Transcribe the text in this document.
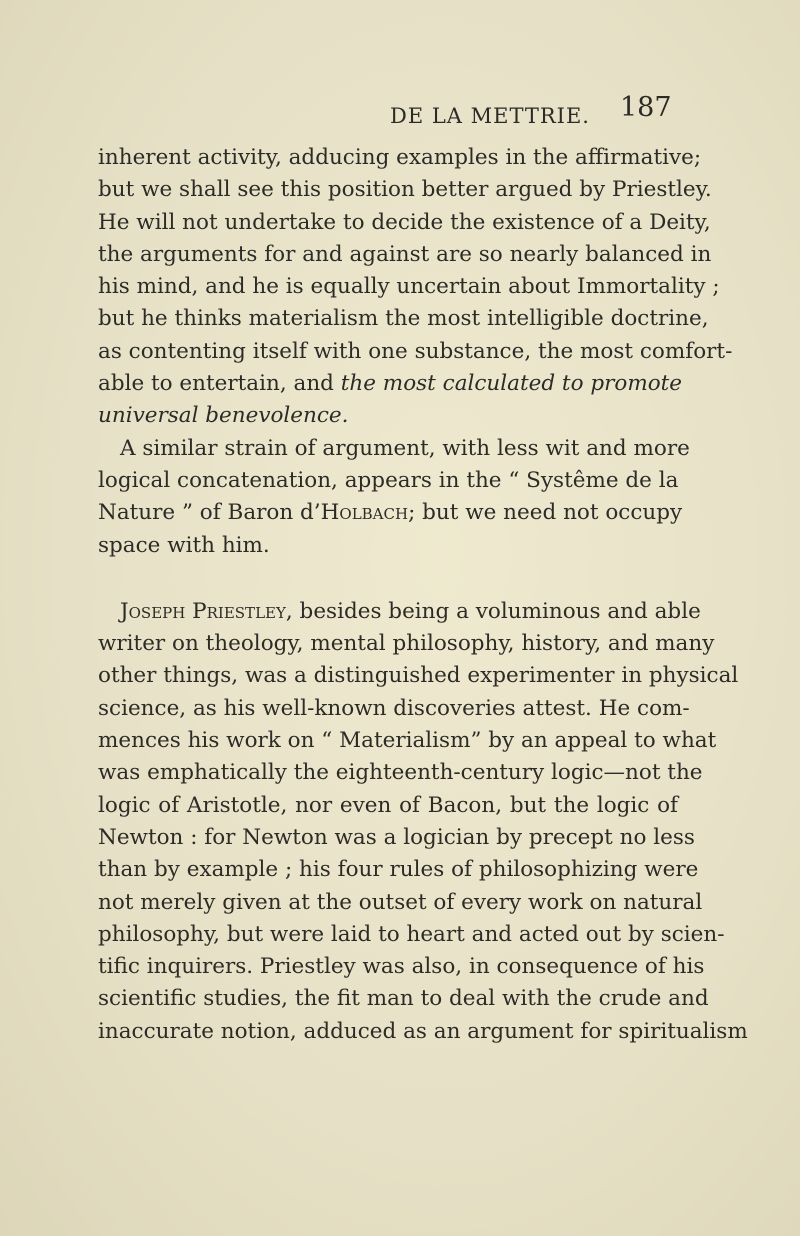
DE LA METTRIE. 187
inherent activity, adducing examples in the affirmative;
but we shall see this position better argued by Priestley.
He will not undertake to decide the existence of a Deity,
the arguments for and against are so nearly balanced in
his mind, and he is equally uncertain about Immortality ;
but he thinks materialism the most intelligible doctrine,
as contenting itself with one substance, the most comfort-
able to entertain, and the most calculated to promote
universal benevolence.
A similar strain of argument, with less wit and more
logical concatenation, appears in the “ Systême de la
Nature ” of Baron d’Holbach; but we need not occupy
space with him.
Joseph Priestley, besides being a voluminous and able
writer on theology, mental philosophy, history, and many
other things, was a distinguished experimenter in physical
science, as his well-known discoveries attest. He com-
mences his work on “ Materialism” by an appeal to what
was emphatically the eighteenth-century logic—not the
logic of Aristotle, nor even of Bacon, but the logic of
Newton : for Newton was a logician by precept no less
than by example ; his four rules of philosophizing were
not merely given at the outset of every work on natural
philosophy, but were laid to heart and acted out by scien-
tific inquirers. Priestley was also, in consequence of his
scientific studies, the fit man to deal with the crude and
inaccurate notion, adduced as an argument for spiritualism
